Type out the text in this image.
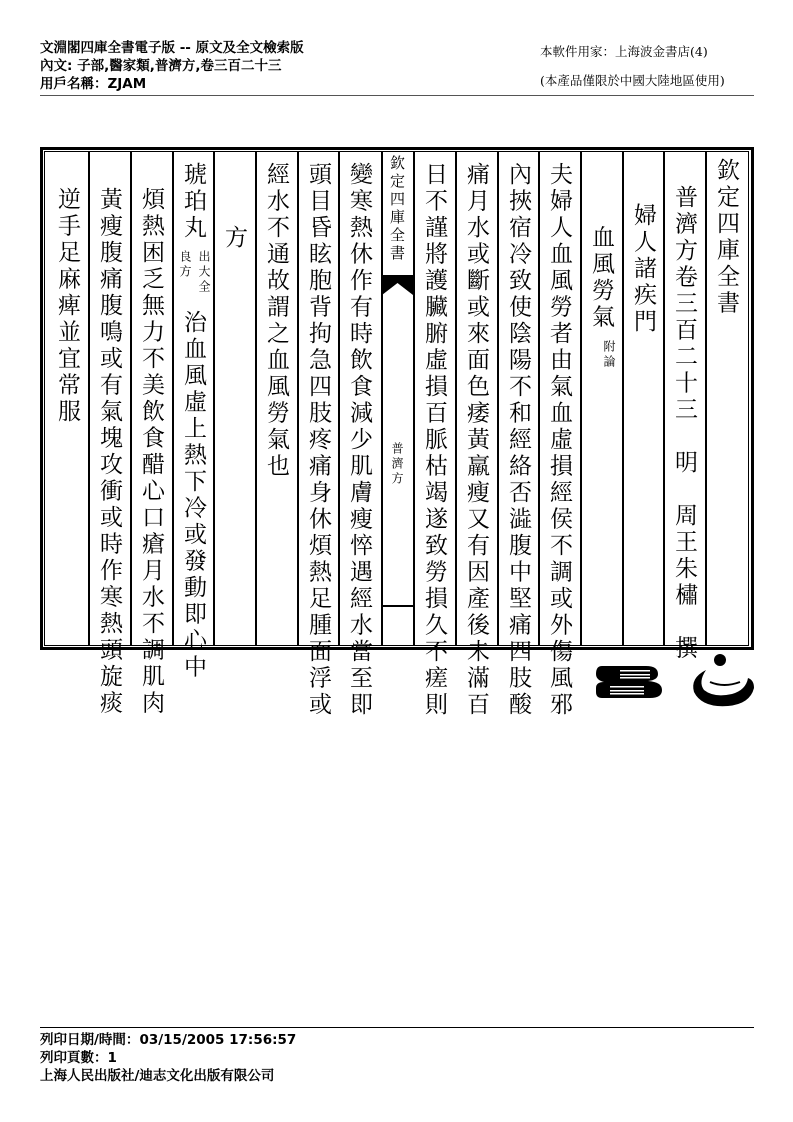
文淵閣四庫全書電子版 -- 原文及全文檢索版
內文: 子部,醫家類,普濟方,卷三百二十三
用戶名稱：ZJAM
本軟件用家：上海波金書店(4)
(本產品僅限於中國大陸地區使用)
欽定四庫全書
普濟方卷三百二十三　明　周王朱橚　撰
婦人諸疾門
血風勞氣
附論
夫婦人血風勞者由氣血虛損經侯不調或外傷風邪
內挾宿冷致使陰陽不和經絡否澁腹中堅痛四肢酸
痛月水或斷或來面色痿黃羸瘦又有因產後未滿百
日不謹將護臟腑虛損百脈枯竭遂致勞損久不瘥則
欽定四庫全書
普濟方
變寒熱休作有時飲食減少肌膚瘦悴遇經水當至即
頭目昏眩胞背拘急四肢疼痛身休煩熱足腫面浮或
經水不通故謂之血風勞氣也
方
琥珀丸
出大全
良方
治血風虛上熱下冷或發動即心中
煩熱困乏無力不美飲食醋心口瘡月水不調肌肉
黃瘦腹痛腹鳴或有氣塊攻衝或時作寒熱頭旋痰
逆手足麻痺並宜常服
列印日期/時間：03/15/2005 17:56:57
列印頁數：1
上海人民出版社/迪志文化出版有限公司
